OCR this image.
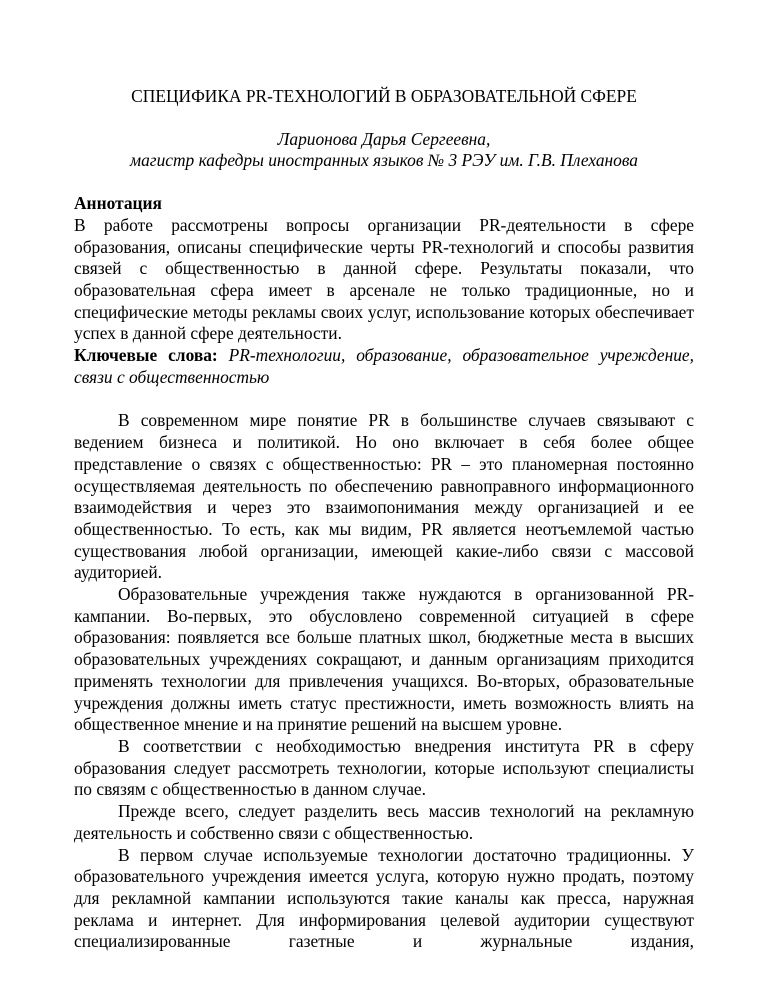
СПЕЦИФИКА PR-ТЕХНОЛОГИЙ В ОБРАЗОВАТЕЛЬНОЙ СФЕРЕ
Ларионова Дарья Сергеевна,
магистр кафедры иностранных языков № 3 РЭУ им. Г.В. Плеханова
Аннотация

В работе рассмотрены вопросы организации PR-деятельности в сфере образования, описаны специфические черты PR-технологий и способы развития связей с общественностью в данной сфере. Результаты показали, что образовательная сфера имеет в арсенале не только традиционные, но и специфические методы рекламы своих услуг, использование которых обеспечивает успех в данной сфере деятельности.

Ключевые слова: PR-технологии, образование, образовательное учреждение, связи с общественностью

В современном мире понятие PR в большинстве случаев связывают с ведением бизнеса и политикой. Но оно включает в себя более общее представление о связях с общественностью: PR – это планомерная постоянно осуществляемая деятельность по обеспечению равноправного информационного взаимодействия и через это взаимопонимания между организацией и ее общественностью. То есть, как мы видим, PR является неотъемлемой частью существования любой организации, имеющей какие-либо связи с массовой аудиторией.

Образовательные учреждения также нуждаются в организованной PR-кампании. Во-первых, это обусловлено современной ситуацией в сфере образования: появляется все больше платных школ, бюджетные места в высших образовательных учреждениях сокращают, и данным организациям приходится применять технологии для привлечения учащихся. Во-вторых, образовательные учреждения должны иметь статус престижности, иметь возможность влиять на общественное мнение и на принятие решений на высшем уровне.

В соответствии с необходимостью внедрения института PR в сферу образования следует рассмотреть технологии, которые используют специалисты по связям с общественностью в данном случае.

Прежде всего, следует разделить весь массив технологий на рекламную деятельность и собственно связи с общественностью.

В первом случае используемые технологии достаточно традиционны. У образовательного учреждения имеется услуга, которую нужно продать, поэтому для рекламной кампании используются такие каналы как пресса, наружная реклама и интернет. Для информирования целевой аудитории существуют специализированные газетные и журнальные издания,
